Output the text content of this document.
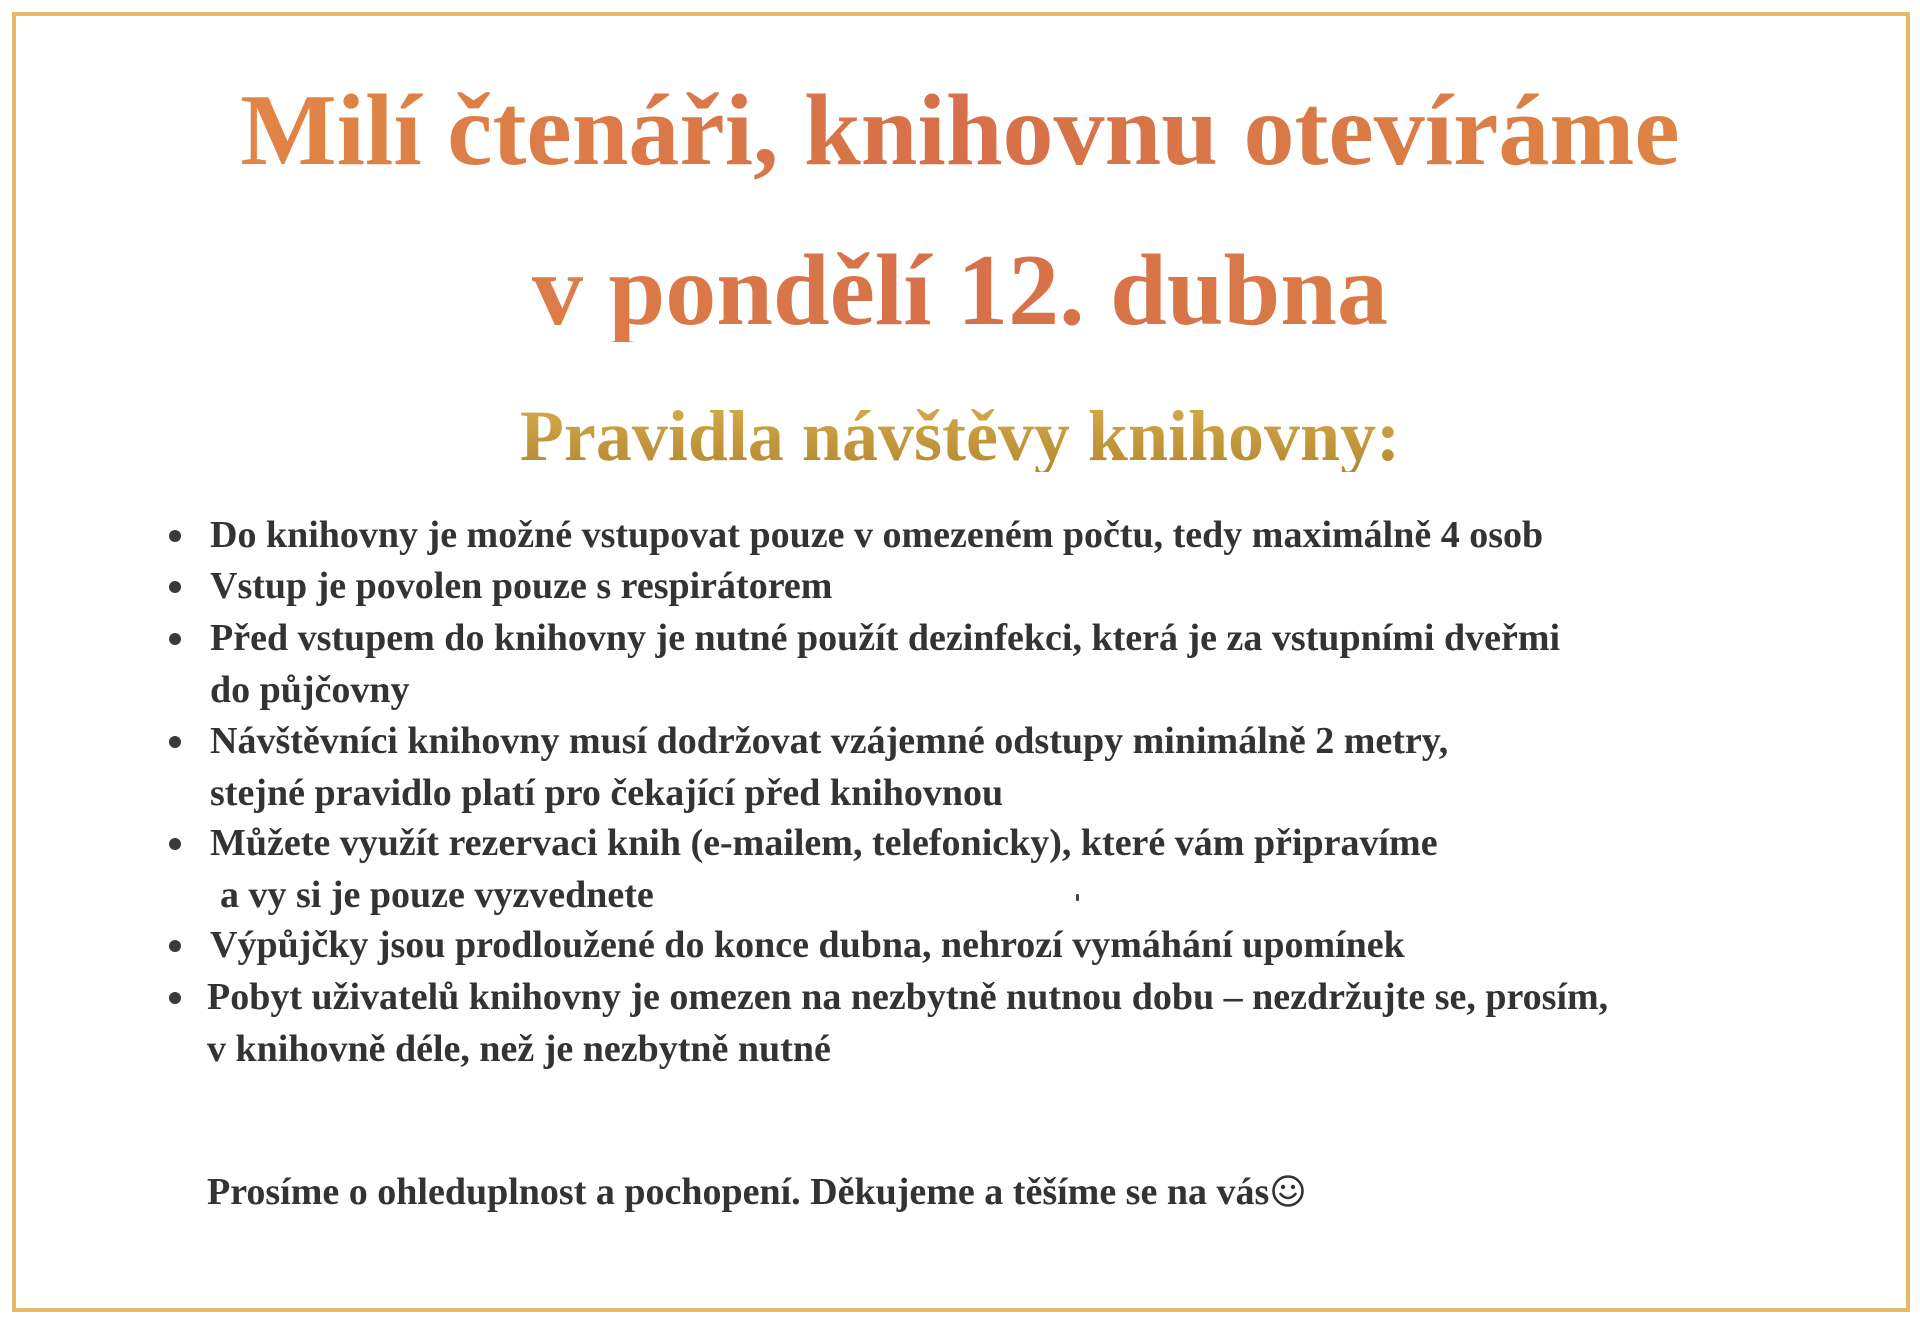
Milí čtenáři, knihovnu otevíráme
v pondělí 12. dubna
Pravidla návštěvy knihovny:
Do knihovny je možné vstupovat pouze v omezeném počtu, tedy maximálně 4 osob
Vstup je povolen pouze s respirátorem
Před vstupem do knihovny je nutné použít dezinfekci, která je za vstupními dveřmi
do půjčovny
Návštěvníci knihovny musí dodržovat vzájemné odstupy minimálně 2 metry,
stejné pravidlo platí pro čekající před knihovnou
Můžete využít rezervaci knih (e-mailem, telefonicky), které vám připravíme
a vy si je pouze vyzvednete
Výpůjčky jsou prodloužené do konce dubna, nehrozí vymáhání upomínek
Pobyt uživatelů knihovny je omezen na nezbytně nutnou dobu – nezdržujte se, prosím,
v knihovně déle, než je nezbytně nutné

Prosíme o ohleduplnost a pochopení. Děkujeme a těšíme se na vás
